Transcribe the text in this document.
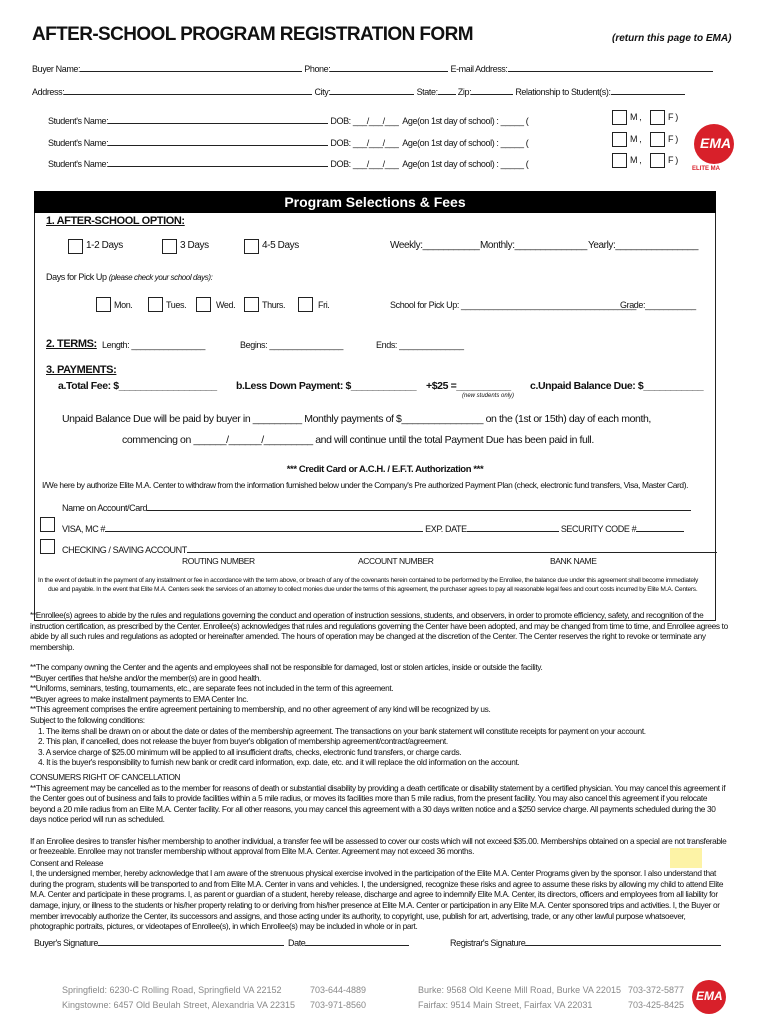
AFTER-SCHOOL PROGRAM REGISTRATION FORM	(return this page to EMA)
Buyer Name:	Phone:	E-mail Address:
Address:	City:	State: Zip:	Relationship to Student(s):
Student's Name:	DOB: ___/___/___ Age(on 1st day of school) : _____ (	M ,	F )
Student's Name:	DOB: ___/___/___ Age(on 1st day of school) : _____ (	M ,	F )
Student's Name:	DOB: ___/___/___ Age(on 1st day of school) : _____ (	M ,	F )
EMA
ELITE MA
Program Selections & Fees
1. AFTER-SCHOOL OPTION:
1-2 Days	3 Days	4-5 Days	Weekly:___________ Monthly:______________ Yearly:________________
Days for Pick Up (please check your school days):
Mon.	Tues.	Wed.	Thurs.	Fri.	School for Pick Up: ______________________________________
Grade:___________
2. TERMS: Length: ________________	Begins: ________________	Ends: ______________
3. PAYMENTS:
a.Total Fee: $__________________ b.Less Down Payment: $____________ +$25 =__________
(new students only)
c.Unpaid Balance Due: $___________
Unpaid Balance Due will be paid by buyer in _________ Monthly payments of $_______________ on the (1st or 15th) day of each month,
commencing on ______/______/_________ and will continue until the total Payment Due has been paid in full.
*** Credit Card or A.C.H. / E.F.T. Authorization ***
I/We here by authorize Elite M.A. Center to withdraw from the information furnished below under the Company's Pre authorized Payment Plan (check, electronic fund transfers, Visa, Master Card).
Name on Account/Card
VISA, MC #	EXP. DATE	SECURITY CODE #
CHECKING / SAVING ACCOUNT
ROUTING NUMBER	ACCOUNT NUMBER	BANK NAME
In the event of default in the payment of any installment or fee in accordance with the term above, or breach of any of the covenants herein contained to be performed by the Enrollee, the balance due under this agreement shall become immediately
due and payable. In the event that Elite M.A. Centers seek the services of an attorney to collect monies due under the terms of this agreement, the purchaser agrees to pay all reasonable legal fees and court costs incurred by Elite M.A. Centers.
**Enrollee(s) agrees to abide by the rules and regulations governing the conduct and operation of instruction sessions, students, and observers, in order to promote efficiency, safety, and recognition of the instruction certification, as prescribed by the Center. Enrollee(s) acknowledges that rules and regulations governing the Center have been adopted, and may be changed from time to time, and Enrollee agrees to abide by all such rules and regulations as adopted or hereinafter amended. The hours of operation may be changed at the discretion of the Center. The Center reserves the right to revoke or terminate any membership.
**The company owning the Center and the agents and employees shall not be responsible for damaged, lost or stolen articles, inside or outside the facility.
**Buyer certifies that he/she and/or the member(s) are in good health.
**Uniforms, seminars, testing, tournaments, etc., are separate fees not included in the term of this agreement.
**Buyer agrees to make installment payments to EMA Center Inc.
**This agreement comprises the entire agreement pertaining to membership, and no other agreement of any kind will be recognized by us.
Subject to the following conditions:
1. The items shall be drawn on or about the date or dates of the membership agreement. The transactions on your bank statement will constitute receipts for payment on your account.
2. This plan, if cancelled, does not release the buyer from buyer's obligation of membership agreement/contract/agreement.
3. A service charge of $25.00 minimum will be applied to all insufficient drafts, checks, electronic fund transfers, or charge cards.
4. It is the buyer's responsibility to furnish new bank or credit card information, exp. date, etc. and it will replace the old information on the account.
CONSUMERS RIGHT OF CANCELLATION
**This agreement may be cancelled as to the member for reasons of death or substantial disability by providing a death certificate or disability statement by a certified physician. You may cancel this agreement if the Center goes out of business and fails to provide facilities within a 5 mile radius, or moves its facilities more than 5 mile radius, from the present facility. You may also cancel this agreement if you relocate beyond a 20 mile radius from an Elite M.A. Center facility. For all other reasons, you may cancel this agreement with a 30 days written notice and a $250 service charge. All payments scheduled during the 30 days notice period will run as scheduled.
If an Enrollee desires to transfer his/her membership to another individual, a transfer fee will be assessed to cover our costs which will not exceed $35.00. Memberships obtained on a special are not transferable or freezeable. Enrollee may not transfer membership without approval from Elite M.A. Center. Agreement may not exceed 36 months.
Consent and Release
I, the undersigned member, hereby acknowledge that I am aware of the strenuous physical exercise involved in the participation of the Elite M.A. Center Programs given by the sponsor. I also understand that during the program, students will be transported to and from Elite M.A. Center in vans and vehicles. I, the undersigned, recognize these risks and agree to assume these risks by allowing my child to attend Elite M.A. Center and participate in these programs. I, as parent or guardian of a student, hereby release, discharge and agree to indemnify Elite M.A. Center, its directors, officers and employees from all liability for damage, injury, or illness to the students or his/her property relating to or deriving from his/her presence at Elite M.A. Center or participation in any Elite M.A. Center sponsored trips and activities. I, the Buyer or member irrevocably authorize the Center, its successors and assigns, and those acting under its authority, to copyright, use, publish for art, advertising, trade, or any other lawful purpose whatsoever, photographic portraits, pictures, or videotapes of Enrollee(s), in which Enrollee(s) may be included in whole or in part.
Buyer's Signature	Date	Registrar's Signature
Springfield: 6230-C Rolling Road, Springfield VA 22152	703-644-4889	Burke: 9568 Old Keene Mill Road, Burke VA 22015 703-372-5877
Kingstowne: 6457 Old Beulah Street, Alexandria VA 22315 703-971-8560	Fairfax: 9514 Main Street, Fairfax VA 22031	703-425-8425
EMA
